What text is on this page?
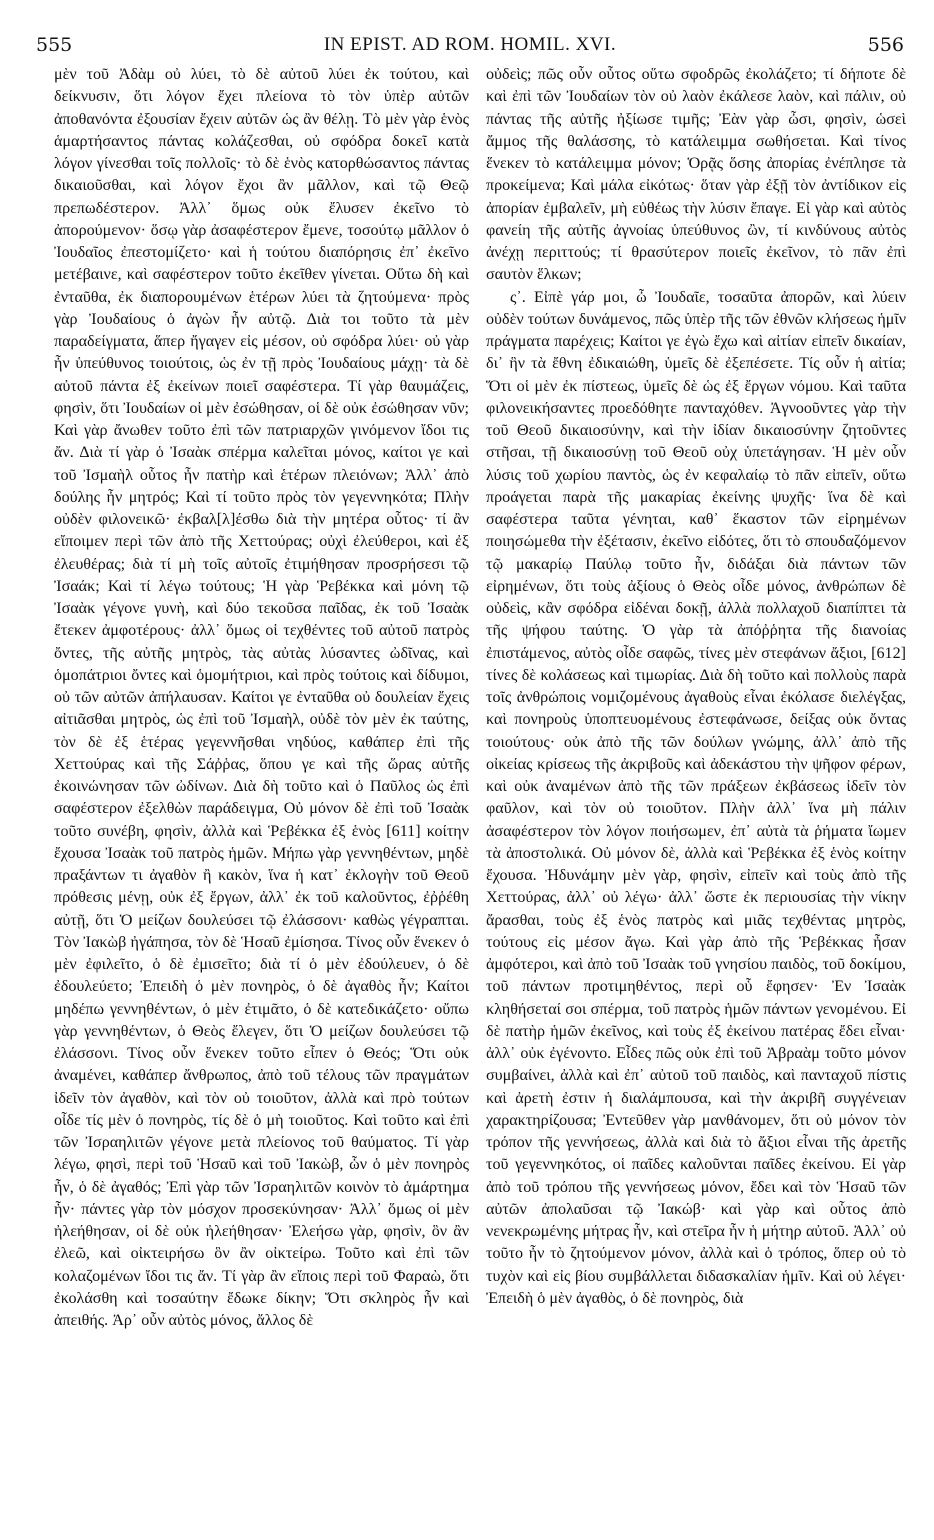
555	IN EPIST. AD ROM. HOMIL. XVI.	556

μὲν τοῦ Ἀδὰμ οὐ λύει, τὸ δὲ αὐτοῦ λύει ἐκ τούτου, καὶ δείκνυσιν, ὅτι λόγον ἔχει πλείονα τὸ τὸν ὑπὲρ αὐτῶν ἀποθανόντα ἐξουσίαν ἔχειν αὐτῶν ὡς ἂν θέλῃ. Τὸ μὲν γὰρ ἑνὸς ἁμαρτήσαντος πάντας κολάζεσθαι, οὐ σφόδρα δοκεῖ κατὰ λόγον γίνεσθαι τοῖς πολλοῖς· τὸ δὲ ἑνὸς κατορθώσαντος πάντας δικαιοῦσθαι, καὶ λόγον ἔχοι ἂν μᾶλλον, καὶ τῷ Θεῷ πρεπωδέστερον. Ἀλλ᾽ ὅμως οὐκ ἔλυσεν ἐκεῖνο τὸ ἀπορούμενον· ὅσῳ γὰρ ἀσαφέστερον ἔμενε, τοσούτῳ μᾶλλον ὁ Ἰουδαῖος ἐπεστομίζετο· καὶ ἡ τούτου διαπόρησις ἐπ᾽ ἐκεῖνο μετέβαινε, καὶ σαφέστερον τοῦτο ἐκεῖθεν γίνεται. Οὕτω δὴ καὶ ἐνταῦθα, ἐκ διαπορουμένων ἑτέρων λύει τὰ ζητούμενα· πρὸς γὰρ Ἰουδαίους ὁ ἀγὼν ἦν αὐτῷ. Διὰ τοι τοῦτο τὰ μὲν παραδείγματα, ἅπερ ἤγαγεν εἰς μέσον, οὐ σφόδρα λύει· οὐ γὰρ ἦν ὑπεύθυνος τοιούτοις, ὡς ἐν τῇ πρὸς Ἰουδαίους μάχῃ· τὰ δὲ αὐτοῦ πάντα ἐξ ἐκείνων ποιεῖ σαφέστερα. Τί γὰρ θαυμάζεις, φησὶν, ὅτι Ἰουδαίων οἱ μὲν ἐσώθησαν, οἱ δὲ οὐκ ἐσώθησαν νῦν; Καὶ γὰρ ἄνωθεν τοῦτο ἐπὶ τῶν πατριαρχῶν γινόμενον ἴδοι τις ἄν. Διὰ τί γὰρ ὁ Ἰσαὰκ σπέρμα καλεῖται μόνος, καίτοι γε καὶ τοῦ Ἰσμαὴλ οὗτος ἦν πατὴρ καὶ ἑτέρων πλειόνων; Ἀλλ᾽ ἀπὸ δούλης ἦν μητρός; Καὶ τί τοῦτο πρὸς τὸν γεγεννηκότα; Πλὴν οὐδὲν φιλονεικῶ· ἐκβαλ[λ]έσθω διὰ τὴν μητέρα οὗτος· τί ἂν εἴποιμεν περὶ τῶν ἀπὸ τῆς Χεττούρας; οὐχὶ ἐλεύθεροι, καὶ ἐξ ἐλευθέρας; διὰ τί μὴ τοῖς αὐτοῖς ἐτιμήθησαν προσρήσεσι τῷ Ἰσαάκ; Καὶ τί λέγω τούτους; Ἡ γὰρ Ῥεβέκκα καὶ μόνη τῷ Ἰσαὰκ γέγονε γυνὴ, καὶ δύο τεκοῦσα παῖδας, ἐκ τοῦ Ἰσαὰκ ἔτεκεν ἀμφοτέρους· ἀλλ᾽ ὅμως οἱ τεχθέντες τοῦ αὐτοῦ πατρὸς ὄντες, τῆς αὐτῆς μητρὸς, τὰς αὐτὰς λύσαντες ὠδῖνας, καὶ ὁμοπάτριοι ὄντες καὶ ὁμομήτριοι, καὶ πρὸς τούτοις καὶ δίδυμοι, οὐ τῶν αὐτῶν ἀπήλαυσαν. Καίτοι γε ἐνταῦθα οὐ δουλείαν ἔχεις αἰτιᾶσθαι μητρὸς, ὡς ἐπὶ τοῦ Ἰσμαὴλ, οὐδὲ τὸν μὲν ἐκ ταύτης, τὸν δὲ ἐξ ἑτέρας γεγεννῆσθαι νηδύος, καθάπερ ἐπὶ τῆς Χεττούρας καὶ τῆς Σάῤῥας, ὅπου γε καὶ τῆς ὥρας αὐτῆς ἐκοινώνησαν τῶν ὠδίνων. Διὰ δὴ τοῦτο καὶ ὁ Παῦλος ὡς ἐπὶ σαφέστερον ἐξελθὼν παράδειγμα, Οὐ μόνον δὲ ἐπὶ τοῦ Ἰσαὰκ τοῦτο συνέβη, φησὶν, ἀλλὰ καὶ Ῥεβέκκα ἐξ ἑνὸς [611] κοίτην ἔχουσα Ἰσαὰκ τοῦ πατρὸς ἡμῶν. Μήπω γὰρ γεννηθέντων, μηδὲ πραξάντων τι ἀγαθὸν ἢ κακὸν, ἵνα ἡ κατ᾽ ἐκλογὴν τοῦ Θεοῦ πρόθεσις μένῃ, οὐκ ἐξ ἔργων, ἀλλ᾽ ἐκ τοῦ καλοῦντος, ἐῤῥέθη αὐτῇ, ὅτι Ὁ μείζων δουλεύσει τῷ ἐλάσσονι· καθὼς γέγραπται. Τὸν Ἰακὼβ ἠγάπησα, τὸν δὲ Ἡσαῦ ἐμίσησα. Τίνος οὖν ἕνεκεν ὁ μὲν ἐφιλεῖτο, ὁ δὲ ἐμισεῖτο; διὰ τί ὁ μὲν ἐδούλευεν, ὁ δὲ ἐδουλεύετο; Ἐπειδὴ ὁ μὲν πονηρὸς, ὁ δὲ ἀγαθὸς ἦν; Καίτοι μηδέπω γεννηθέντων, ὁ μὲν ἐτιμᾶτο, ὁ δὲ κατεδικάζετο· οὔπω γὰρ γεννηθέντων, ὁ Θεὸς ἔλεγεν, ὅτι Ὁ μείζων δουλεύσει τῷ ἐλάσσονι. Τίνος οὖν ἕνεκεν τοῦτο εἶπεν ὁ Θεός; Ὅτι οὐκ ἀναμένει, καθάπερ ἄνθρωπος, ἀπὸ τοῦ τέλους τῶν πραγμάτων ἰδεῖν τὸν ἀγαθὸν, καὶ τὸν οὐ τοιοῦτον, ἀλλὰ καὶ πρὸ τούτων οἶδε τίς μὲν ὁ πονηρὸς, τίς δὲ ὁ μὴ τοιοῦτος. Καὶ τοῦτο καὶ ἐπὶ τῶν Ἰσραηλιτῶν γέγονε μετὰ πλείονος τοῦ θαύματος. Τί γὰρ λέγω, φησὶ, περὶ τοῦ Ἡσαῦ καὶ τοῦ Ἰακὼβ, ὧν ὁ μὲν πονηρὸς ἦν, ὁ δὲ ἀγαθός; Ἐπὶ γὰρ τῶν Ἰσραηλιτῶν κοινὸν τὸ ἁμάρτημα ἦν· πάντες γὰρ τὸν μόσχον προσεκύνησαν· Ἀλλ᾽ ὅμως οἱ μὲν ἠλεήθησαν, οἱ δὲ οὐκ ἠλεήθησαν· Ἐλεήσω γὰρ, φησὶν, ὃν ἂν ἐλεῶ, καὶ οἰκτειρήσω ὃν ἂν οἰκτείρω. Τοῦτο καὶ ἐπὶ τῶν κολαζομένων ἴδοι τις ἄν. Τί γὰρ ἂν εἴποις περὶ τοῦ Φαραὼ, ὅτι ἐκολάσθη καὶ τοσαύτην ἔδωκε δίκην; Ὅτι σκληρὸς ἦν καὶ ἀπειθής. Ἀρ᾽ οὖν αὐτὸς μόνος, ἄλλος δὲ

οὐδεὶς; πῶς οὖν οὗτος οὕτω σφοδρῶς ἐκολάζετο; τί δήποτε δὲ καὶ ἐπὶ τῶν Ἰουδαίων τὸν οὐ λαὸν ἐκάλεσε λαὸν, καὶ πάλιν, οὐ πάντας τῆς αὐτῆς ἠξίωσε τιμῆς; Ἐὰν γὰρ ὦσι, φησὶν, ὡσεὶ ἄμμος τῆς θαλάσσης, τὸ κατάλειμμα σωθήσεται. Καὶ τίνος ἕνεκεν τὸ κατάλειμμα μόνον; Ὁρᾷς ὅσης ἀπορίας ἐνέπλησε τὰ προκείμενα; Καὶ μάλα εἰκότως· ὅταν γὰρ ἐξῇ τὸν ἀντίδικον εἰς ἀπορίαν ἐμβαλεῖν, μὴ εὐθέως τὴν λύσιν ἔπαγε. Εἰ γὰρ καὶ αὐτὸς φανείη τῆς αὐτῆς ἀγνοίας ὑπεύθυνος ὢν, τί κινδύνους αὐτὸς ἀνέχῃ περιττούς; τί θρασύτερον ποιεῖς ἐκεῖνον, τὸ πᾶν ἐπὶ σαυτὸν ἕλκων;

ς᾽. Εἰπὲ γάρ μοι, ὦ Ἰουδαῖε, τοσαῦτα ἀπορῶν, καὶ λύειν οὐδὲν τούτων δυνάμενος, πῶς ὑπὲρ τῆς τῶν ἐθνῶν κλήσεως ἡμῖν πράγματα παρέχεις; Καίτοι γε ἐγὼ ἔχω καὶ αἰτίαν εἰπεῖν δικαίαν, δι᾽ ἣν τὰ ἔθνη ἐδικαιώθη, ὑμεῖς δὲ ἐξεπέσετε. Τίς οὖν ἡ αἰτία; Ὅτι οἱ μὲν ἐκ πίστεως, ὑμεῖς δὲ ὡς ἐξ ἔργων νόμου. Καὶ ταῦτα φιλονεικήσαντες προεδόθητε πανταχόθεν. Ἀγνοοῦντες γὰρ τὴν τοῦ Θεοῦ δικαιοσύνην, καὶ τὴν ἰδίαν δικαιοσύνην ζητοῦντες στῆσαι, τῇ δικαιοσύνῃ τοῦ Θεοῦ οὐχ ὑπετάγησαν. Ἡ μὲν οὖν λύσις τοῦ χωρίου παντὸς, ὡς ἐν κεφαλαίῳ τὸ πᾶν εἰπεῖν, οὕτω προάγεται παρὰ τῆς μακαρίας ἐκείνης ψυχῆς· ἵνα δὲ καὶ σαφέστερα ταῦτα γένηται, καθ᾽ ἕκαστον τῶν εἰρημένων ποιησώμεθα τὴν ἐξέτασιν, ἐκεῖνο εἰδότες, ὅτι τὸ σπουδαζόμενον τῷ μακαρίῳ Παύλῳ τοῦτο ἦν, διδάξαι διὰ πάντων τῶν εἰρημένων, ὅτι τοὺς ἀξίους ὁ Θεὸς οἶδε μόνος, ἀνθρώπων δὲ οὐδεὶς, κἂν σφόδρα εἰδέναι δοκῇ, ἀλλὰ πολλαχοῦ διαπίπτει τὰ τῆς ψήφου ταύτης. Ὁ γὰρ τὰ ἀπόῤῥητα τῆς διανοίας ἐπιστάμενος, αὐτὸς οἶδε σαφῶς, τίνες μὲν στεφάνων ἄξιοι, [612] τίνες δὲ κολάσεως καὶ τιμωρίας. Διὰ δὴ τοῦτο καὶ πολλοὺς παρὰ τοῖς ἀνθρώποις νομιζομένους ἀγαθοὺς εἶναι ἐκόλασε διελέγξας, καὶ πονηροὺς ὑποπτευομένους ἐστεφάνωσε, δείξας οὐκ ὄντας τοιούτους· οὐκ ἀπὸ τῆς τῶν δούλων γνώμης, ἀλλ᾽ ἀπὸ τῆς οἰκείας κρίσεως τῆς ἀκριβοῦς καὶ ἀδεκάστου τὴν ψῆφον φέρων, καὶ οὐκ ἀναμένων ἀπὸ τῆς τῶν πράξεων ἐκβάσεως ἰδεῖν τὸν φαῦλον, καὶ τὸν οὐ τοιοῦτον. Πλὴν ἀλλ᾽ ἵνα μὴ πάλιν ἀσαφέστερον τὸν λόγον ποιήσωμεν, ἐπ᾽ αὐτὰ τὰ ῥήματα ἴωμεν τὰ ἀποστολικά. Οὐ μόνον δὲ, ἀλλὰ καὶ Ῥεβέκκα ἐξ ἑνὸς κοίτην ἔχουσα. Ἠδυνάμην μὲν γὰρ, φησὶν, εἰπεῖν καὶ τοὺς ἀπὸ τῆς Χεττούρας, ἀλλ᾽ οὐ λέγω· ἀλλ᾽ ὥστε ἐκ περιουσίας τὴν νίκην ἄρασθαι, τοὺς ἐξ ἑνὸς πατρὸς καὶ μιᾶς τεχθέντας μητρὸς, τούτους εἰς μέσον ἄγω. Καὶ γὰρ ἀπὸ τῆς Ῥεβέκκας ἦσαν ἀμφότεροι, καὶ ἀπὸ τοῦ Ἰσαὰκ τοῦ γνησίου παιδὸς, τοῦ δοκίμου, τοῦ πάντων προτιμηθέντος, περὶ οὗ ἔφησεν· Ἐν Ἰσαὰκ κληθήσεταί σοι σπέρμα, τοῦ πατρὸς ἡμῶν πάντων γενομένου. Εἰ δὲ πατὴρ ἡμῶν ἐκεῖνος, καὶ τοὺς ἐξ ἐκείνου πατέρας ἔδει εἶναι· ἀλλ᾽ οὐκ ἐγένοντο. Εἶδες πῶς οὐκ ἐπὶ τοῦ Ἀβραὰμ τοῦτο μόνον συμβαίνει, ἀλλὰ καὶ ἐπ᾽ αὐτοῦ τοῦ παιδὸς, καὶ πανταχοῦ πίστις καὶ ἀρετὴ ἐστιν ἡ διαλάμπουσα, καὶ τὴν ἀκριβῆ συγγένειαν χαρακτηρίζουσα; Ἐντεῦθεν γὰρ μανθάνομεν, ὅτι οὐ μόνον τὸν τρόπον τῆς γεννήσεως, ἀλλὰ καὶ διὰ τὸ ἄξιοι εἶναι τῆς ἀρετῆς τοῦ γεγεννηκότος, οἱ παῖδες καλοῦνται παῖδες ἐκείνου. Εἰ γὰρ ἀπὸ τοῦ τρόπου τῆς γεννήσεως μόνον, ἔδει καὶ τὸν Ἡσαῦ τῶν αὐτῶν ἀπολαῦσαι τῷ Ἰακώβ· καὶ γὰρ καὶ οὗτος ἀπὸ νενεκρωμένης μήτρας ἦν, καὶ στεῖρα ἦν ἡ μήτηρ αὐτοῦ. Ἀλλ᾽ οὐ τοῦτο ἦν τὸ ζητούμενον μόνον, ἀλλὰ καὶ ὁ τρόπος, ὅπερ οὐ τὸ τυχὸν καὶ εἰς βίου συμβάλλεται διδασκαλίαν ἡμῖν. Καὶ οὐ λέγει· Ἐπειδὴ ὁ μὲν ἀγαθὸς, ὁ δὲ πονηρὸς, διὰ
